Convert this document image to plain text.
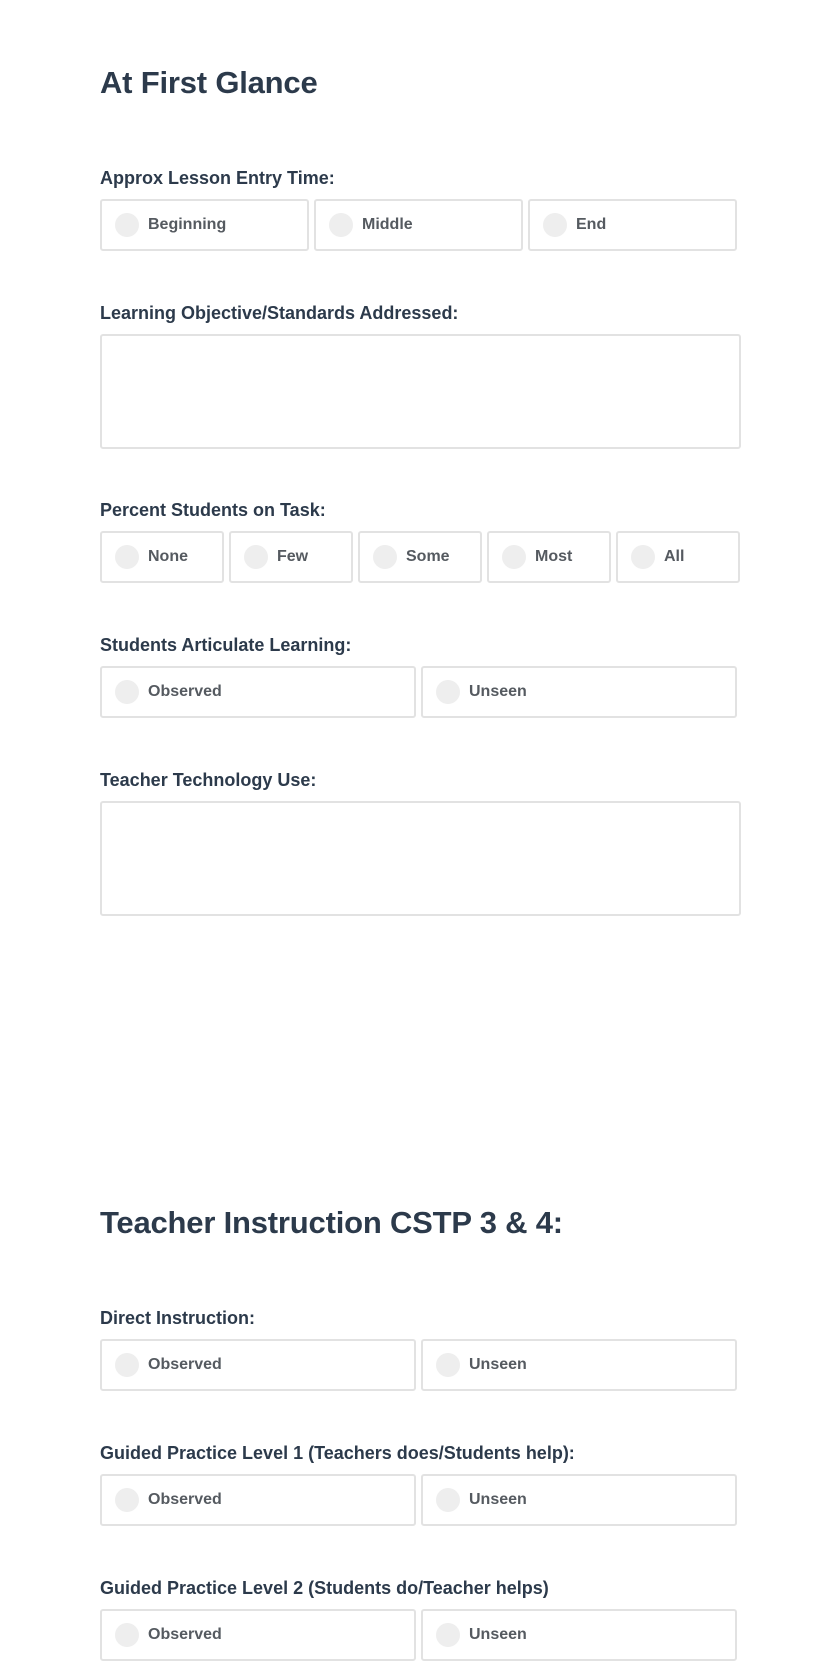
At First Glance
Approx Lesson Entry Time:
Beginning	Middle	End
Learning Objective/Standards Addressed:
Percent Students on Task:
None	Few	Some	Most	All
Students Articulate Learning:
Observed	Unseen
Teacher Technology Use:
Teacher Instruction CSTP 3 & 4:
Direct Instruction:
Observed	Unseen
Guided Practice Level 1 (Teachers does/Students help):
Observed	Unseen
Guided Practice Level 2 (Students do/Teacher helps)
Observed	Unseen
